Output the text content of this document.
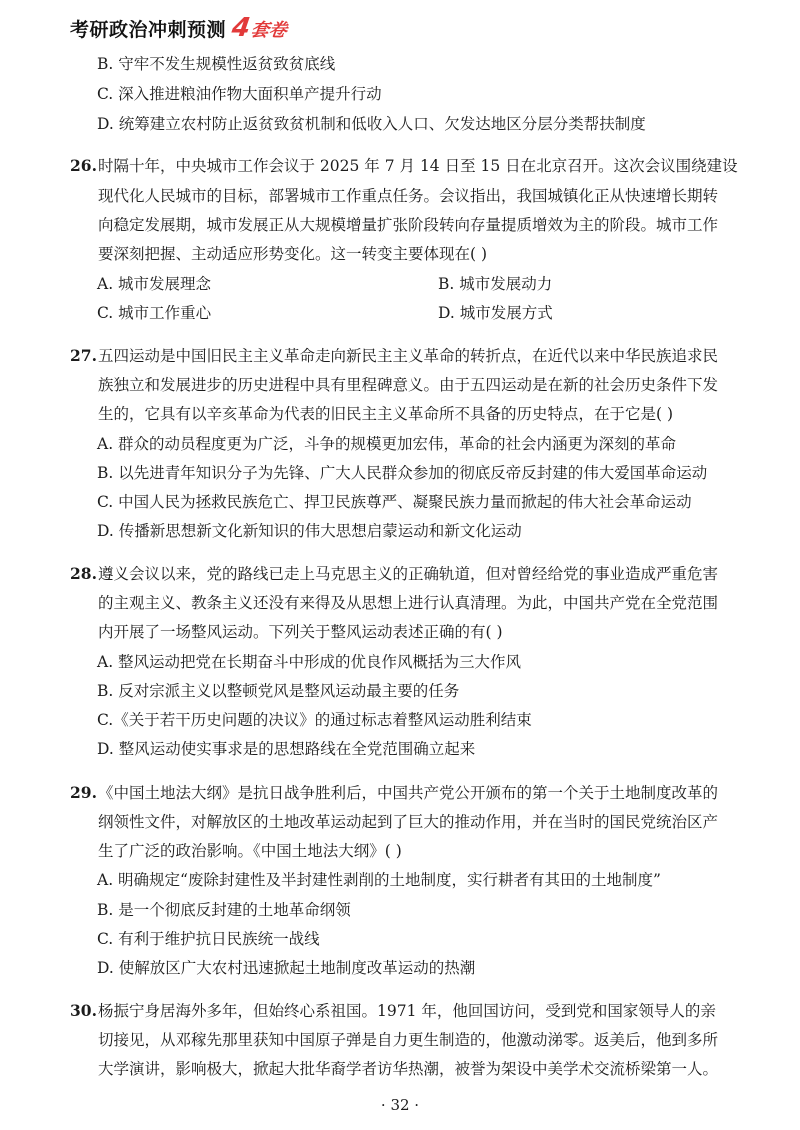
考研政治冲刺预测 4
套卷
B. 守牢不发生规模性返贫致贫底线
C. 深入推进粮油作物大面积单产提升行动
D. 统筹建立农村防止返贫致贫机制和低收入人口、欠发达地区分层分类帮扶制度
26. 时隔十年，中央城市工作会议于 2025 年 7 月 14 日至 15 日在北京召开。这次会议围绕建设
现代化人民城市的目标，部署城市工作重点任务。会议指出，我国城镇化正从快速增长期转
向稳定发展期，城市发展正从大规模增量扩张阶段转向存量提质增效为主的阶段。城市工作
要深刻把握、主动适应形势变化。这一转变主要体现在( )
A. 城市发展理念	B. 城市发展动力
C. 城市工作重心	D. 城市发展方式
27. 五四运动是中国旧民主主义革命走向新民主主义革命的转折点，在近代以来中华民族追求民
族独立和发展进步的历史进程中具有里程碑意义。由于五四运动是在新的社会历史条件下发
生的，它具有以辛亥革命为代表的旧民主主义革命所不具备的历史特点，在于它是( )
A. 群众的动员程度更为广泛，斗争的规模更加宏伟，革命的社会内涵更为深刻的革命
B. 以先进青年知识分子为先锋、广大人民群众参加的彻底反帝反封建的伟大爱国革命运动
C. 中国人民为拯救民族危亡、捍卫民族尊严、凝聚民族力量而掀起的伟大社会革命运动
D. 传播新思想新文化新知识的伟大思想启蒙运动和新文化运动
28. 遵义会议以来，党的路线已走上马克思主义的正确轨道，但对曾经给党的事业造成严重危害
的主观主义、教条主义还没有来得及从思想上进行认真清理。为此，中国共产党在全党范围
内开展了一场整风运动。下列关于整风运动表述正确的有( )
A. 整风运动把党在长期奋斗中形成的优良作风概括为三大作风
B. 反对宗派主义以整顿党风是整风运动最主要的任务
C.《关于若干历史问题的决议》的通过标志着整风运动胜利结束
D. 整风运动使实事求是的思想路线在全党范围确立起来
29. 《中国土地法大纲》是抗日战争胜利后，中国共产党公开颁布的第一个关于土地制度改革的
纲领性文件，对解放区的土地改革运动起到了巨大的推动作用，并在当时的国民党统治区产
生了广泛的政治影响。《中国土地法大纲》( )
A. 明确规定“废除封建性及半封建性剥削的土地制度，实行耕者有其田的土地制度”
B. 是一个彻底反封建的土地革命纲领
C. 有利于维护抗日民族统一战线
D. 使解放区广大农村迅速掀起土地制度改革运动的热潮
30. 杨振宁身居海外多年，但始终心系祖国。1971 年，他回国访问，受到党和国家领导人的亲
切接见，从邓稼先那里获知中国原子弹是自力更生制造的，他激动涕零。返美后，他到多所
大学演讲，影响极大，掀起大批华裔学者访华热潮，被誉为架设中美学术交流桥梁第一人。
· 32 ·
